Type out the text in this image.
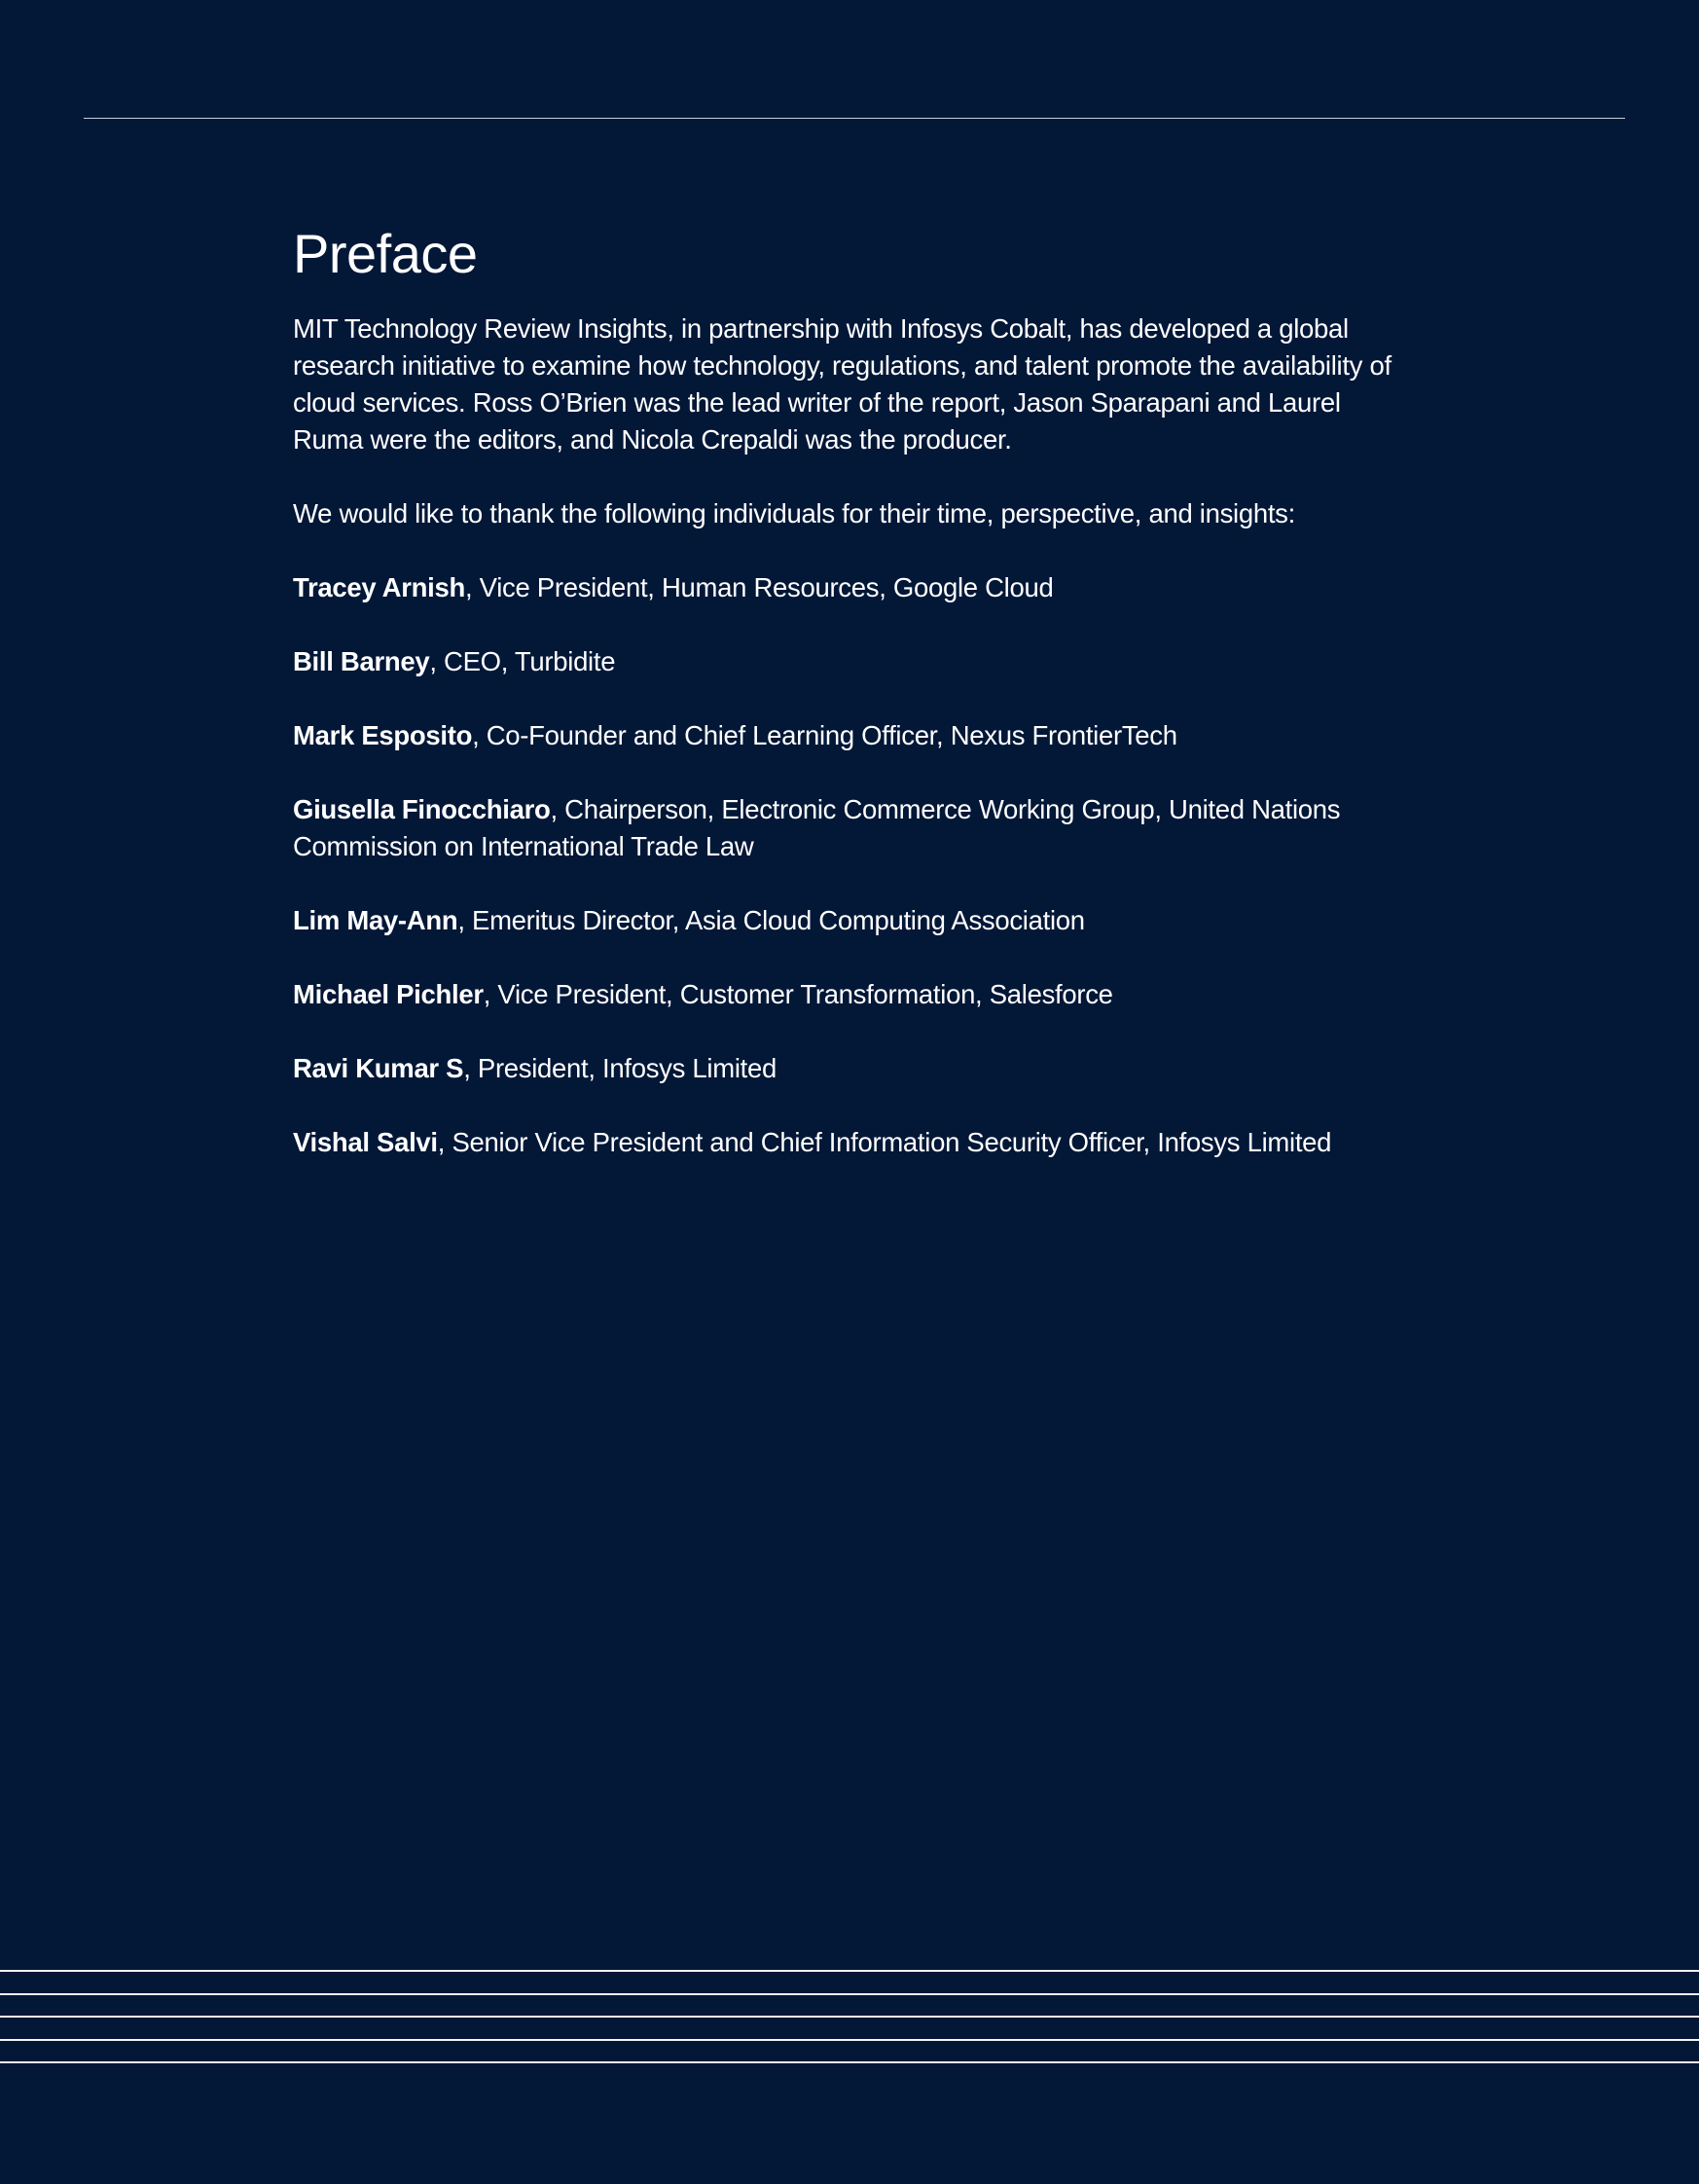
Preface

MIT Technology Review Insights, in partnership with Infosys Cobalt, has developed a global research initiative to examine how technology, regulations, and talent promote the availability of cloud services. Ross O’Brien was the lead writer of the report, Jason Sparapani and Laurel Ruma were the editors, and Nicola Crepaldi was the producer.

We would like to thank the following individuals for their time, perspective, and insights:

Tracey Arnish, Vice President, Human Resources, Google Cloud

Bill Barney, CEO, Turbidite

Mark Esposito, Co-Founder and Chief Learning Officer, Nexus FrontierTech

Giusella Finocchiaro, Chairperson, Electronic Commerce Working Group, United Nations Commission on International Trade Law

Lim May-Ann, Emeritus Director, Asia Cloud Computing Association

Michael Pichler, Vice President, Customer Transformation, Salesforce

Ravi Kumar S, President, Infosys Limited

Vishal Salvi, Senior Vice President and Chief Information Security Officer, Infosys Limited
